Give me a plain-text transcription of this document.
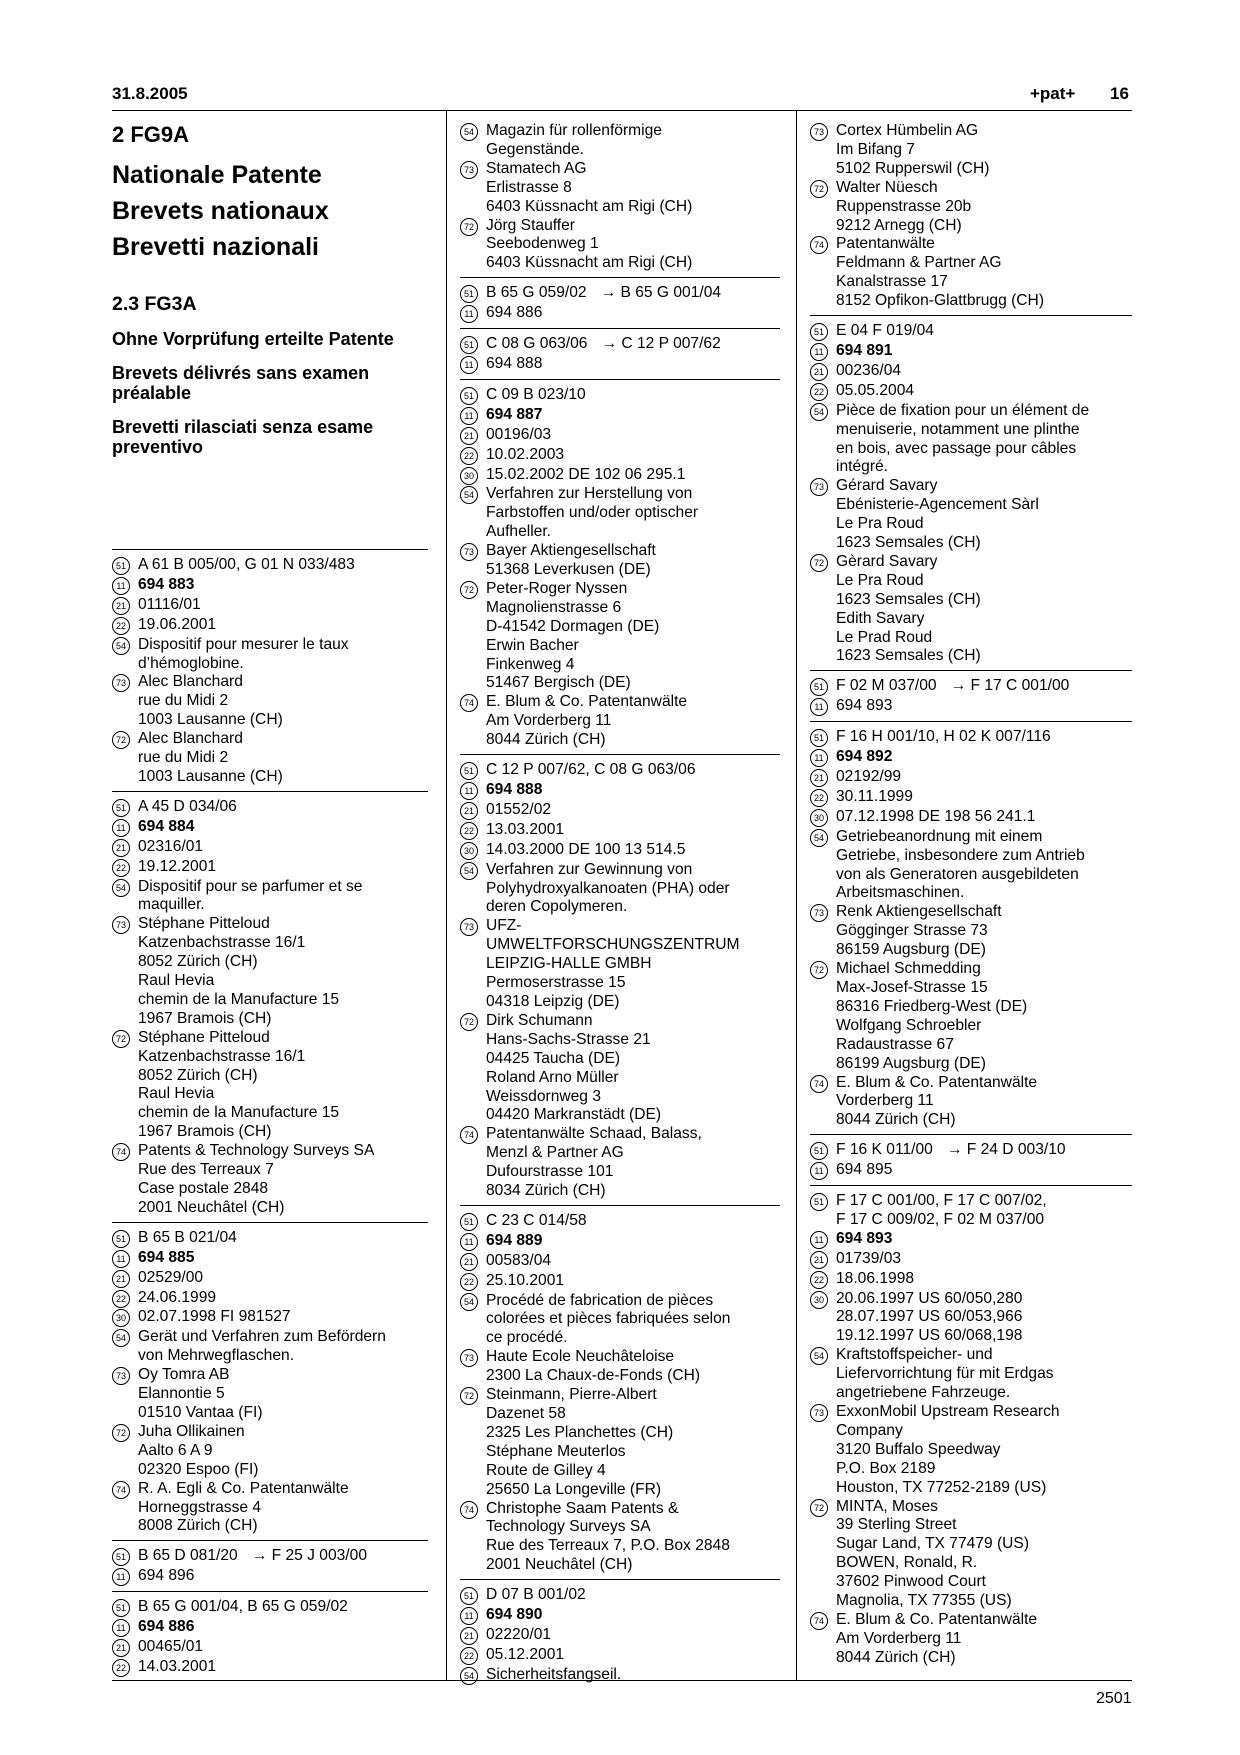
31.8.2005	+pat+ 16
2 FG9A
Nationale Patente
Brevets nationaux
Brevetti nazionali
2.3 FG3A
Ohne Vorprüfung erteilte Patente
Brevets délivrés sans examen préalable
Brevetti rilasciati senza esame preventivo
51 A 61 B 005/00, G 01 N 033/483
11 694 883
21 01116/01
22 19.06.2001
54 Dispositif pour mesurer le taux
d’hémoglobine.
73 Alec Blanchard
rue du Midi 2
1003 Lausanne (CH)
72 Alec Blanchard
rue du Midi 2
1003 Lausanne (CH)
51 A 45 D 034/06
11 694 884
21 02316/01
22 19.12.2001
54 Dispositif pour se parfumer et se
maquiller.
73 Stéphane Pitteloud
Katzenbachstrasse 16/1
8052 Zürich (CH)
Raul Hevia
chemin de la Manufacture 15
1967 Bramois (CH)
72 Stéphane Pitteloud
Katzenbachstrasse 16/1
8052 Zürich (CH)
Raul Hevia
chemin de la Manufacture 15
1967 Bramois (CH)
74 Patents & Technology Surveys SA
Rue des Terreaux 7
Case postale 2848
2001 Neuchâtel (CH)
51 B 65 B 021/04
11 694 885
21 02529/00
22 24.06.1999
30 02.07.1998 FI 981527
54 Gerät und Verfahren zum Befördern
von Mehrwegflaschen.
73 Oy Tomra AB
Elannontie 5
01510 Vantaa (FI)
72 Juha Ollikainen
Aalto 6 A 9
02320 Espoo (FI)
74 R. A. Egli & Co. Patentanwälte
Horneggstrasse 4
8008 Zürich (CH)
51 B 65 D 081/20 → F 25 J 003/00
11 694 896
51 B 65 G 001/04, B 65 G 059/02
11 694 886
21 00465/01
22 14.03.2001
54 Magazin für rollenförmige
Gegenstände.
73 Stamatech AG
Erlistrasse 8
6403 Küssnacht am Rigi (CH)
72 Jörg Stauffer
Seebodenweg 1
6403 Küssnacht am Rigi (CH)
51 B 65 G 059/02 → B 65 G 001/04
11 694 886
51 C 08 G 063/06 → C 12 P 007/62
11 694 888
51 C 09 B 023/10
11 694 887
21 00196/03
22 10.02.2003
30 15.02.2002 DE 102 06 295.1
54 Verfahren zur Herstellung von
Farbstoffen und/oder optischer
Aufheller.
73 Bayer Aktiengesellschaft
51368 Leverkusen (DE)
72 Peter-Roger Nyssen
Magnolienstrasse 6
D-41542 Dormagen (DE)
Erwin Bacher
Finkenweg 4
51467 Bergisch (DE)
74 E. Blum & Co. Patentanwälte
Am Vorderberg 11
8044 Zürich (CH)
51 C 12 P 007/62, C 08 G 063/06
11 694 888
21 01552/02
22 13.03.2001
30 14.03.2000 DE 100 13 514.5
54 Verfahren zur Gewinnung von
Polyhydroxyalkanoaten (PHA) oder
deren Copolymeren.
73 UFZ-
UMWELTFORSCHUNGSZENTRUM
LEIPZIG-HALLE GMBH
Permoserstrasse 15
04318 Leipzig (DE)
72 Dirk Schumann
Hans-Sachs-Strasse 21
04425 Taucha (DE)
Roland Arno Müller
Weissdornweg 3
04420 Markranstädt (DE)
74 Patentanwälte Schaad, Balass,
Menzl & Partner AG
Dufourstrasse 101
8034 Zürich (CH)
51 C 23 C 014/58
11 694 889
21 00583/04
22 25.10.2001
54 Procédé de fabrication de pièces
colorées et pièces fabriquées selon
ce procédé.
73 Haute Ecole Neuchâteloise
2300 La Chaux-de-Fonds (CH)
72 Steinmann, Pierre-Albert
Dazenet 58
2325 Les Planchettes (CH)
Stéphane Meuterlos
Route de Gilley 4
25650 La Longeville (FR)
74 Christophe Saam Patents &
Technology Surveys SA
Rue des Terreaux 7, P.O. Box 2848
2001 Neuchâtel (CH)
51 D 07 B 001/02
11 694 890
21 02220/01
22 05.12.2001
54 Sicherheitsfangseil.
73 Cortex Hümbelin AG
Im Bifang 7
5102 Rupperswil (CH)
72 Walter Nüesch
Ruppenstrasse 20b
9212 Arnegg (CH)
74 Patentanwälte
Feldmann & Partner AG
Kanalstrasse 17
8152 Opfikon-Glattbrugg (CH)
51 E 04 F 019/04
11 694 891
21 00236/04
22 05.05.2004
54 Pièce de fixation pour un élément de
menuiserie, notamment une plinthe
en bois, avec passage pour câbles
intégré.
73 Gérard Savary
Ebénisterie-Agencement Sàrl
Le Pra Roud
1623 Semsales (CH)
72 Gèrard Savary
Le Pra Roud
1623 Semsales (CH)
Edith Savary
Le Prad Roud
1623 Semsales (CH)
51 F 02 M 037/00 → F 17 C 001/00
11 694 893
51 F 16 H 001/10, H 02 K 007/116
11 694 892
21 02192/99
22 30.11.1999
30 07.12.1998 DE 198 56 241.1
54 Getriebeanordnung mit einem
Getriebe, insbesondere zum Antrieb
von als Generatoren ausgebildeten
Arbeitsmaschinen.
73 Renk Aktiengesellschaft
Gögginger Strasse 73
86159 Augsburg (DE)
72 Michael Schmedding
Max-Josef-Strasse 15
86316 Friedberg-West (DE)
Wolfgang Schroebler
Radaustrasse 67
86199 Augsburg (DE)
74 E. Blum & Co. Patentanwälte
Vorderberg 11
8044 Zürich (CH)
51 F 16 K 011/00 → F 24 D 003/10
11 694 895
51 F 17 C 001/00, F 17 C 007/02,
F 17 C 009/02, F 02 M 037/00
11 694 893
21 01739/03
22 18.06.1998
30 20.06.1997 US 60/050,280
28.07.1997 US 60/053,966
19.12.1997 US 60/068,198
54 Kraftstoffspeicher- und
Liefervorrichtung für mit Erdgas
angetriebene Fahrzeuge.
73 ExxonMobil Upstream Research
Company
3120 Buffalo Speedway
P.O. Box 2189
Houston, TX 77252-2189 (US)
72 MINTA, Moses
39 Sterling Street
Sugar Land, TX 77479 (US)
BOWEN, Ronald, R.
37602 Pinwood Court
Magnolia, TX 77355 (US)
74 E. Blum & Co. Patentanwälte
Am Vorderberg 11
8044 Zürich (CH)
2501
